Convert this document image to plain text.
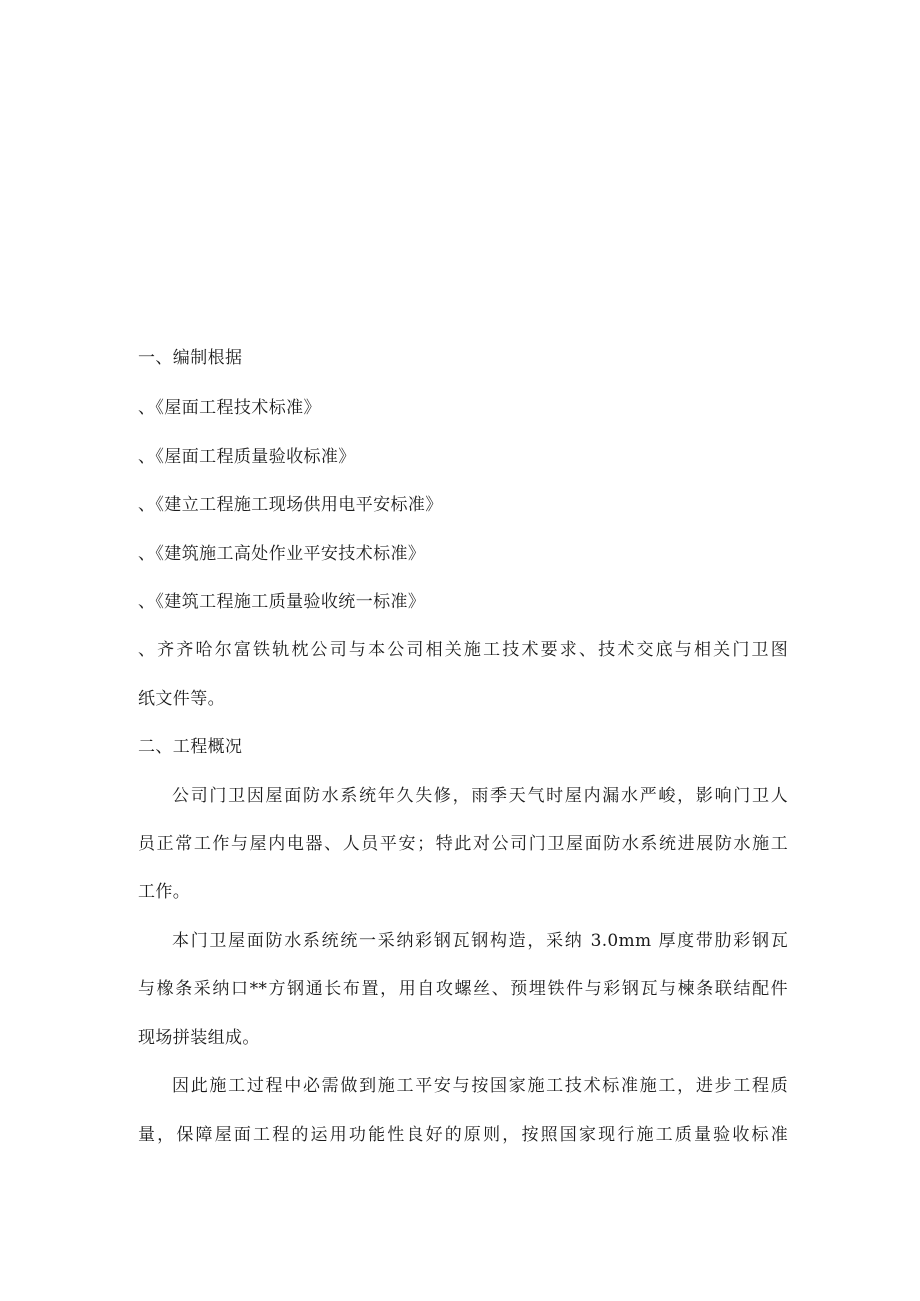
一、编制根据
、《屋面工程技术标准》
、《屋面工程质量验收标准》
、《建立工程施工现场供用电平安标准》
、《建筑施工高处作业平安技术标准》
、《建筑工程施工质量验收统一标准》
、齐齐哈尔富铁轨枕公司与本公司相关施工技术要求、技术交底与相关门卫图
纸文件等。
二、工程概况
公司门卫因屋面防水系统年久失修，雨季天气时屋内漏水严峻，影响门卫人
员正常工作与屋内电器、人员平安；特此对公司门卫屋面防水系统进展防水施工
工作。
本门卫屋面防水系统统一采纳彩钢瓦钢构造，采纳 3.0mm 厚度带肋彩钢瓦
与橡条采纳口**方钢通长布置，用自攻螺丝、预埋铁件与彩钢瓦与楝条联结配件
现场拼装组成。
因此施工过程中必需做到施工平安与按国家施工技术标准施工，进步工程质
量，保障屋面工程的运用功能性良好的原则，按照国家现行施工质量验收标准
